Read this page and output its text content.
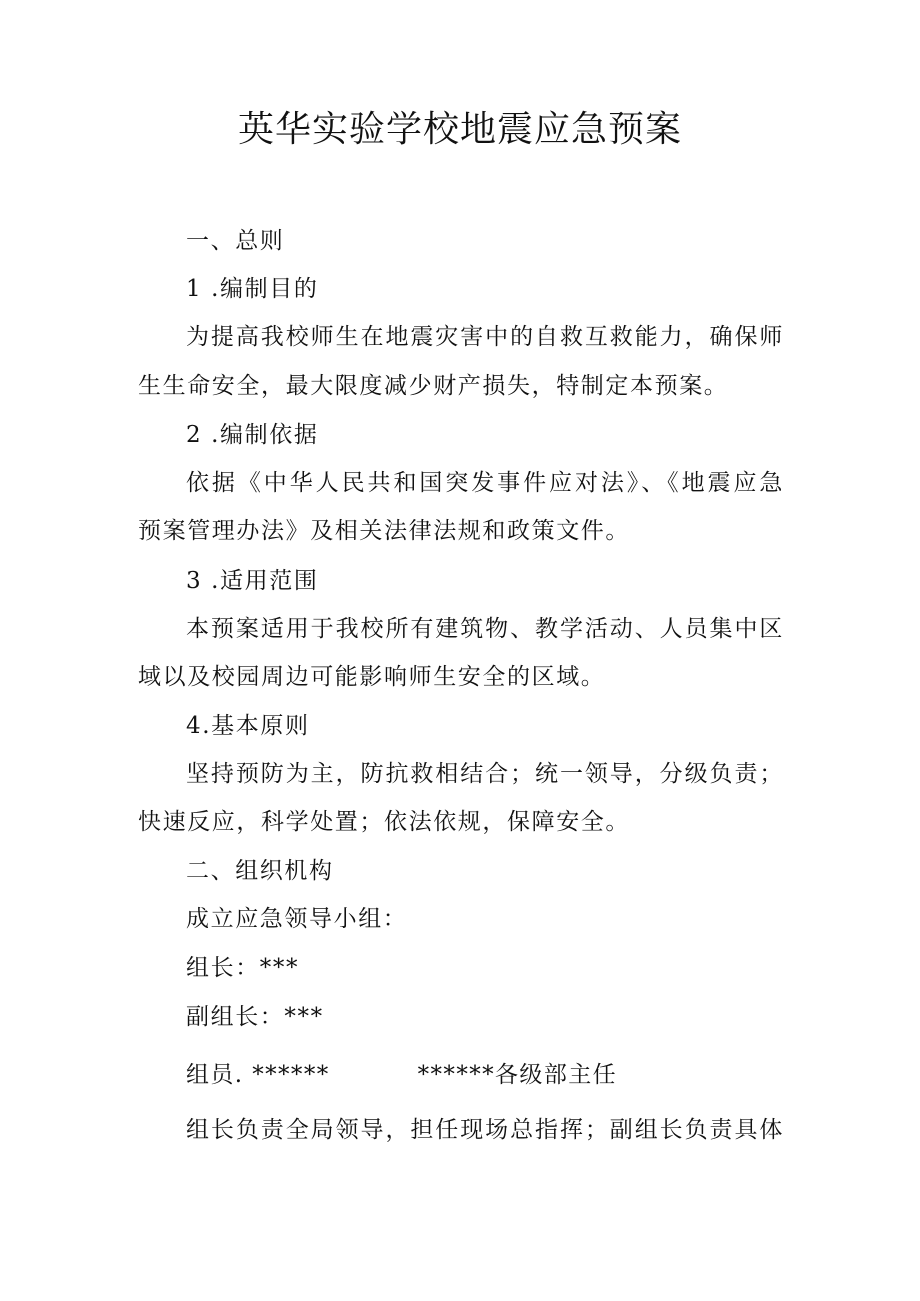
英华实验学校地震应急预案
一、总则
1 .编制目的
为提高我校师生在地震灾害中的自救互救能力，确保师
生生命安全，最大限度减少财产损失，特制定本预案。
2 .编制依据
依据《中华人民共和国突发事件应对法》、《地震应急
预案管理办法》及相关法律法规和政策文件。
3 .适用范围
本预案适用于我校所有建筑物、教学活动、人员集中区
域以及校园周边可能影响师生安全的区域。
4.基本原则
坚持预防为主，防抗救相结合；统一领导，分级负责；
快速反应，科学处置；依法依规，保障安全。
二、组织机构
成立应急领导小组：
组长：***
副组长：***
组员. ******	******各级部主任
组长负责全局领导，担任现场总指挥；副组长负责具体
